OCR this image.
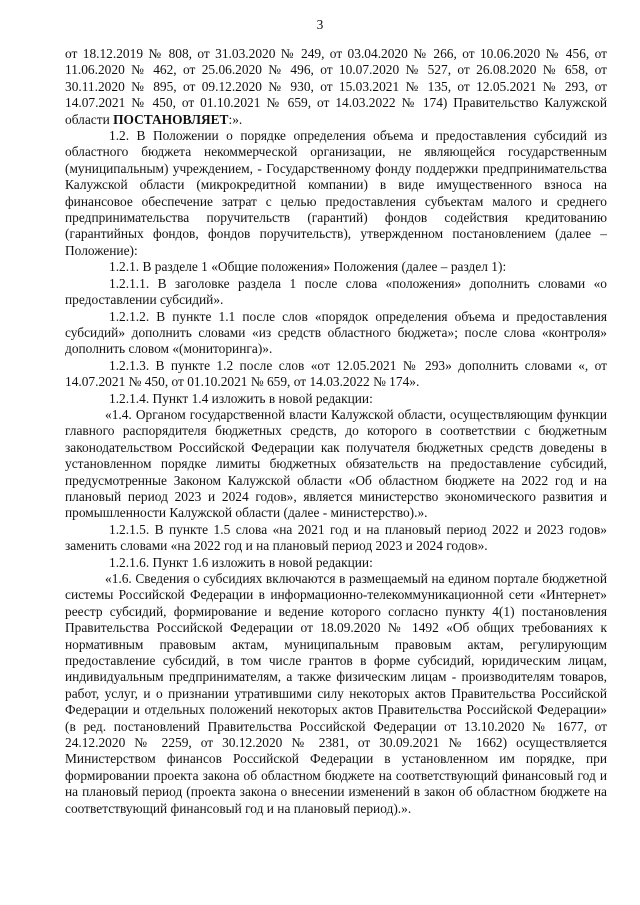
3

от 18.12.2019 № 808, от 31.03.2020 № 249, от 03.04.2020 № 266, от 10.06.2020 № 456, от 11.06.2020 № 462, от 25.06.2020 № 496, от 10.07.2020 № 527, от 26.08.2020 № 658, от 30.11.2020 № 895, от 09.12.2020 № 930, от 15.03.2021 № 135, от 12.05.2021 № 293, от 14.07.2021 № 450, от 01.10.2021 № 659, от 14.03.2022 № 174) Правительство Калужской области ПОСТАНОВЛЯЕТ:».

1.2. В Положении о порядке определения объема и предоставления субсидий из областного бюджета некоммерческой организации, не являющейся государственным (муниципальным) учреждением, - Государственному фонду поддержки предпринимательства Калужской области (микрокредитной компании) в виде имущественного взноса на финансовое обеспечение затрат с целью предоставления субъектам малого и среднего предпринимательства поручительств (гарантий) фондов содействия кредитованию (гарантийных фондов, фондов поручительств), утвержденном постановлением (далее – Положение):

1.2.1. В разделе 1 «Общие положения» Положения (далее – раздел 1):

1.2.1.1. В заголовке раздела 1 после слова «положения» дополнить словами «о предоставлении субсидий».

1.2.1.2. В пункте 1.1 после слов «порядок определения объема и предоставления субсидий» дополнить словами «из средств областного бюджета»; после слова «контроля» дополнить словом «(мониторинга)».

1.2.1.3. В пункте 1.2 после слов «от 12.05.2021 № 293» дополнить словами «, от 14.07.2021 № 450, от 01.10.2021 № 659, от 14.03.2022 № 174».

1.2.1.4. Пункт 1.4 изложить в новой редакции:

«1.4. Органом государственной власти Калужской области, осуществляющим функции главного распорядителя бюджетных средств, до которого в соответствии с бюджетным законодательством Российской Федерации как получателя бюджетных средств доведены в установленном порядке лимиты бюджетных обязательств на предоставление субсидий, предусмотренные Законом Калужской области «Об областном бюджете на 2022 год и на плановый период 2023 и 2024 годов», является министерство экономического развития и промышленности Калужской области (далее - министерство).».

1.2.1.5. В пункте 1.5 слова «на 2021 год и на плановый период 2022 и 2023 годов» заменить словами «на 2022 год и на плановый период 2023 и 2024 годов».

1.2.1.6. Пункт 1.6 изложить в новой редакции:

«1.6. Сведения о субсидиях включаются в размещаемый на едином портале бюджетной системы Российской Федерации в информационно-телекоммуникационной сети «Интернет» реестр субсидий, формирование и ведение которого согласно пункту 4(1) постановления Правительства Российской Федерации от 18.09.2020 № 1492 «Об общих требованиях к нормативным правовым актам, муниципальным правовым актам, регулирующим предоставление субсидий, в том числе грантов в форме субсидий, юридическим лицам, индивидуальным предпринимателям, а также физическим лицам - производителям товаров, работ, услуг, и о признании утратившими силу некоторых актов Правительства Российской Федерации и отдельных положений некоторых актов Правительства Российской Федерации» (в ред. постановлений Правительства Российской Федерации от 13.10.2020 № 1677, от 24.12.2020 № 2259, от 30.12.2020 № 2381, от 30.09.2021 № 1662) осуществляется Министерством финансов Российской Федерации в установленном им порядке, при формировании проекта закона об областном бюджете на соответствующий финансовый год и на плановый период (проекта закона о внесении изменений в закон об областном бюджете на соответствующий финансовый год и на плановый период).».
